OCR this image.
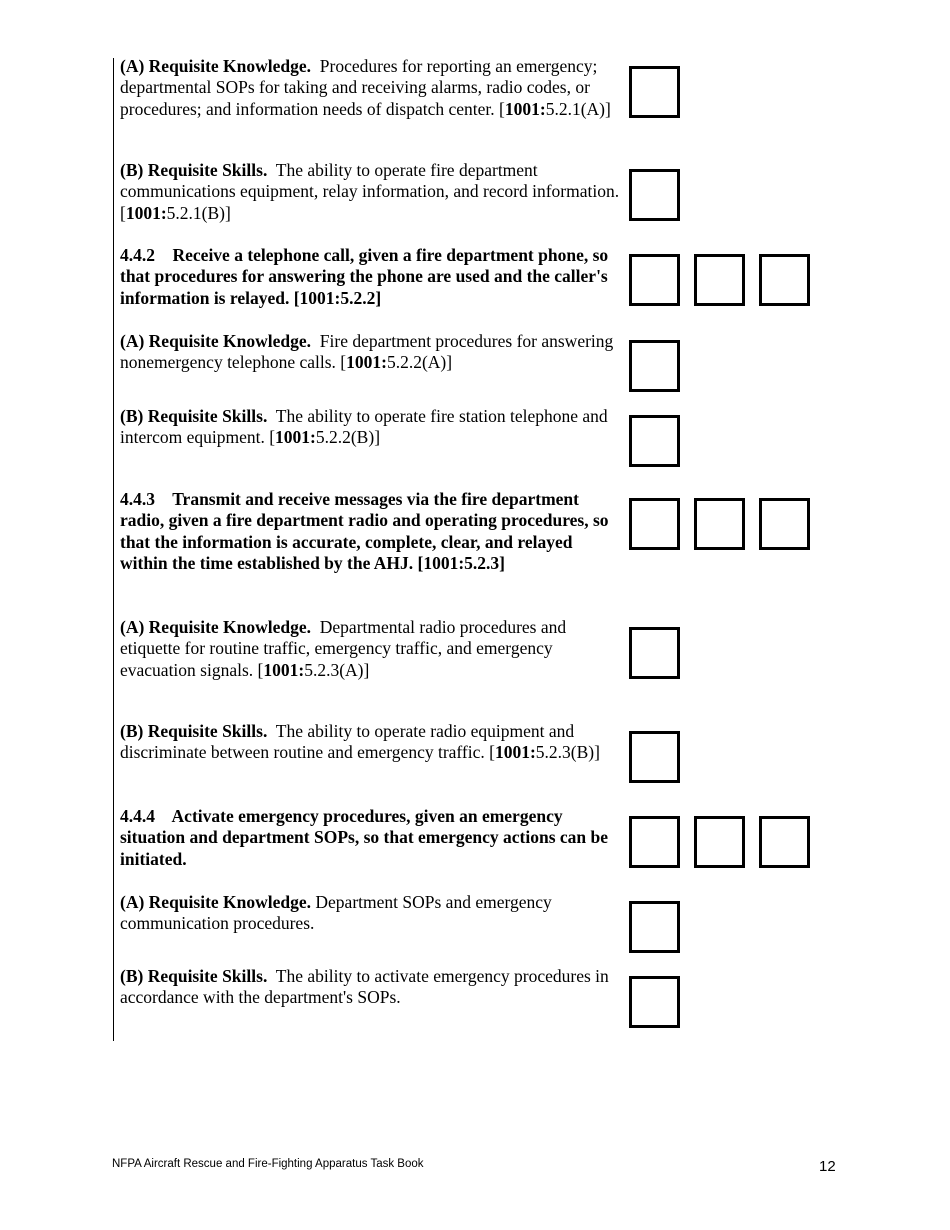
(A) Requisite Knowledge. Procedures for reporting an emergency; departmental SOPs for taking and receiving alarms, radio codes, or procedures; and information needs of dispatch center. [1001:5.2.1(A)]
(B) Requisite Skills. The ability to operate fire department communications equipment, relay information, and record information. [1001:5.2.1(B)]
4.4.2 Receive a telephone call, given a fire department phone, so that procedures for answering the phone are used and the caller's information is relayed. [1001:5.2.2]
(A) Requisite Knowledge. Fire department procedures for answering nonemergency telephone calls. [1001:5.2.2(A)]
(B) Requisite Skills. The ability to operate fire station telephone and intercom equipment. [1001:5.2.2(B)]
4.4.3 Transmit and receive messages via the fire department radio, given a fire department radio and operating procedures, so that the information is accurate, complete, clear, and relayed within the time established by the AHJ. [1001:5.2.3]
(A) Requisite Knowledge. Departmental radio procedures and etiquette for routine traffic, emergency traffic, and emergency evacuation signals. [1001:5.2.3(A)]
(B) Requisite Skills. The ability to operate radio equipment and discriminate between routine and emergency traffic. [1001:5.2.3(B)]
4.4.4 Activate emergency procedures, given an emergency situation and department SOPs, so that emergency actions can be initiated.
(A) Requisite Knowledge. Department SOPs and emergency communication procedures.
(B) Requisite Skills. The ability to activate emergency procedures in accordance with the department's SOPs.
NFPA Aircraft Rescue and Fire-Fighting Apparatus Task Book	12
